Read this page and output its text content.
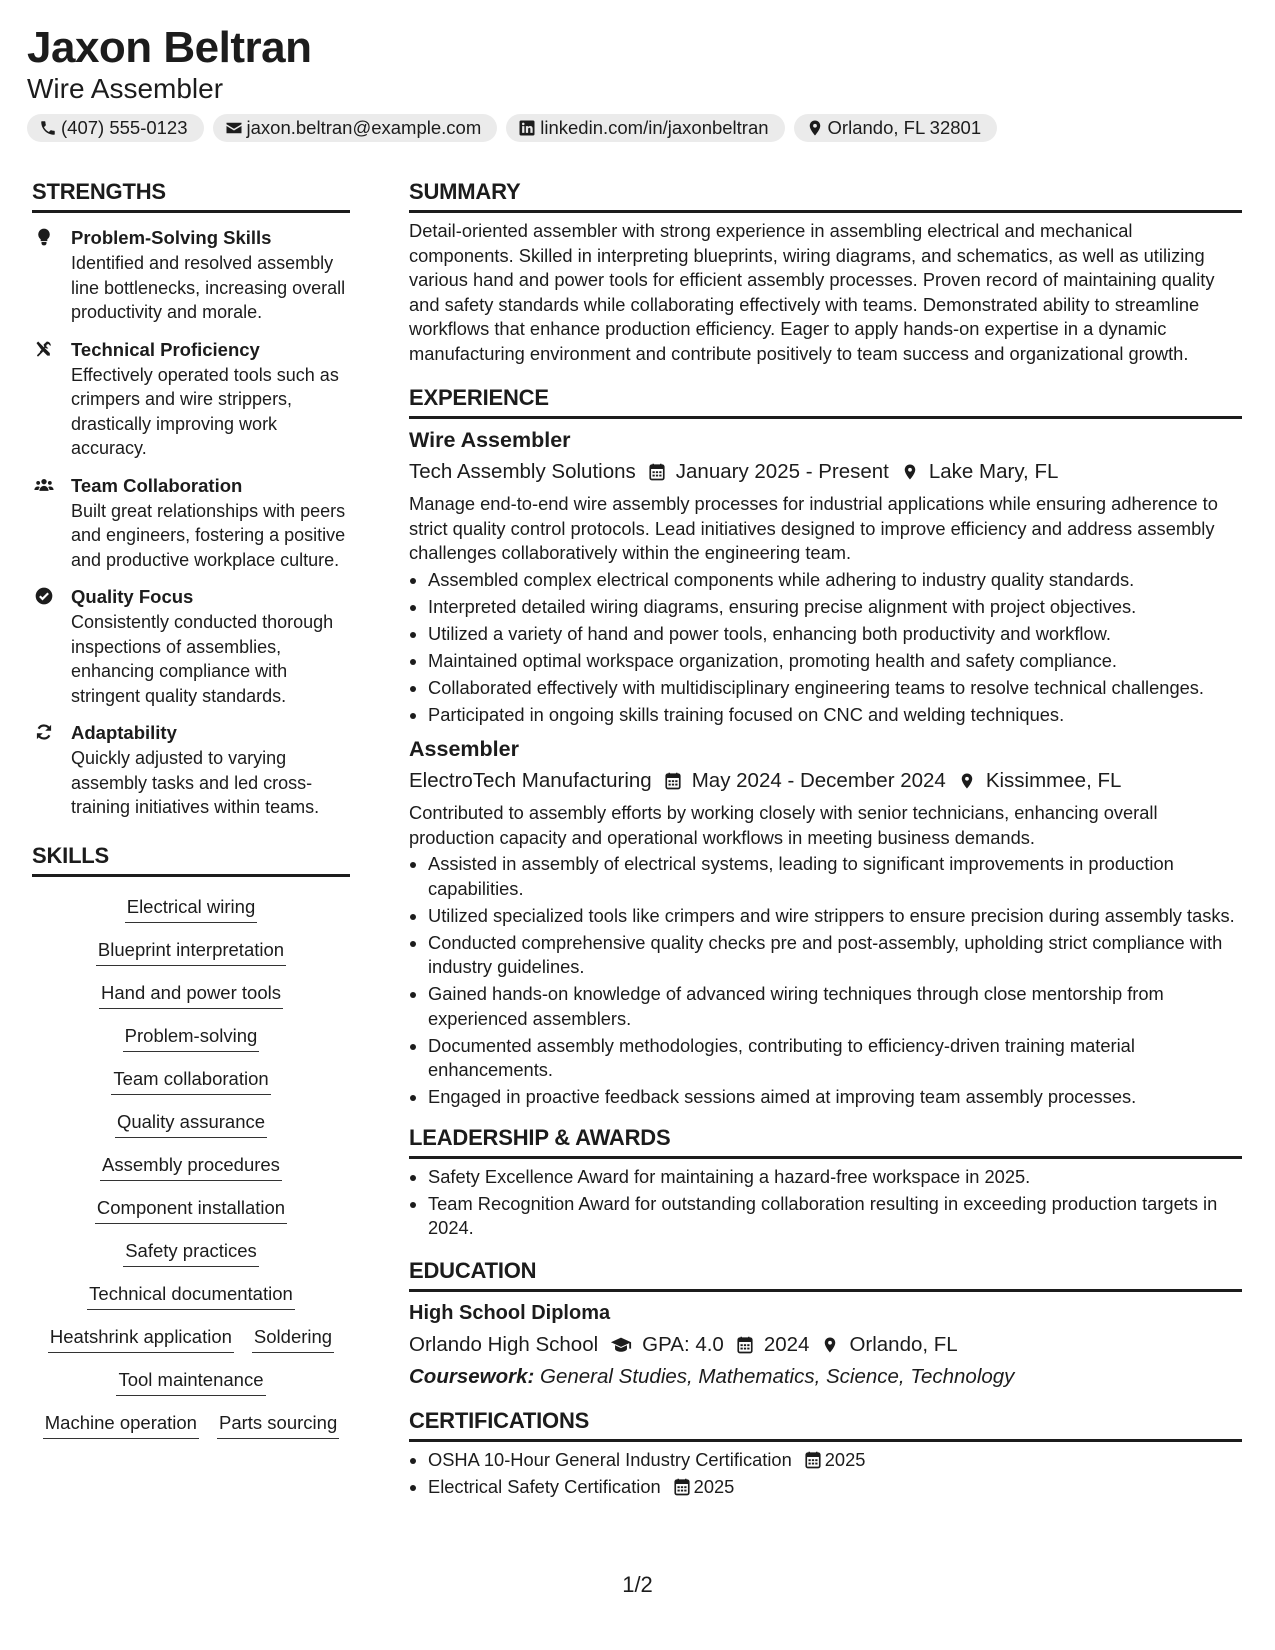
Jaxon Beltran
Wire Assembler
(407) 555-0123	jaxon.beltran@example.com	linkedin.com/in/jaxonbeltran	Orlando, FL 32801
STRENGTHS
Problem-Solving Skills
Identified and resolved assembly line bottlenecks, increasing overall productivity and morale.
Technical Proficiency
Effectively operated tools such as crimpers and wire strippers, drastically improving work accuracy.
Team Collaboration
Built great relationships with peers and engineers, fostering a positive and productive workplace culture.
Quality Focus
Consistently conducted thorough inspections of assemblies, enhancing compliance with stringent quality standards.
Adaptability
Quickly adjusted to varying assembly tasks and led cross-training initiatives within teams.
SKILLS
Electrical wiring
Blueprint interpretation
Hand and power tools
Problem-solving
Team collaboration
Quality assurance
Assembly procedures
Component installation
Safety practices
Technical documentation
Heatshrink application Soldering
Tool maintenance
Machine operation Parts sourcing
SUMMARY
Detail-oriented assembler with strong experience in assembling electrical and mechanical components. Skilled in interpreting blueprints, wiring diagrams, and schematics, as well as utilizing various hand and power tools for efficient assembly processes. Proven record of maintaining quality and safety standards while collaborating effectively with teams. Demonstrated ability to streamline workflows that enhance production efficiency. Eager to apply hands-on expertise in a dynamic manufacturing environment and contribute positively to team success and organizational growth.
EXPERIENCE
Wire Assembler
Tech Assembly Solutions January 2025 - Present Lake Mary, FL
Manage end-to-end wire assembly processes for industrial applications while ensuring adherence to strict quality control protocols. Lead initiatives designed to improve efficiency and address assembly challenges collaboratively within the engineering team.
• Assembled complex electrical components while adhering to industry quality standards.
• Interpreted detailed wiring diagrams, ensuring precise alignment with project objectives.
• Utilized a variety of hand and power tools, enhancing both productivity and workflow.
• Maintained optimal workspace organization, promoting health and safety compliance.
• Collaborated effectively with multidisciplinary engineering teams to resolve technical challenges.
• Participated in ongoing skills training focused on CNC and welding techniques.
Assembler
ElectroTech Manufacturing May 2024 - December 2024 Kissimmee, FL
Contributed to assembly efforts by working closely with senior technicians, enhancing overall production capacity and operational workflows in meeting business demands.
• Assisted in assembly of electrical systems, leading to significant improvements in production capabilities.
• Utilized specialized tools like crimpers and wire strippers to ensure precision during assembly tasks.
• Conducted comprehensive quality checks pre and post-assembly, upholding strict compliance with industry guidelines.
• Gained hands-on knowledge of advanced wiring techniques through close mentorship from experienced assemblers.
• Documented assembly methodologies, contributing to efficiency-driven training material enhancements.
• Engaged in proactive feedback sessions aimed at improving team assembly processes.
LEADERSHIP & AWARDS
• Safety Excellence Award for maintaining a hazard-free workspace in 2025.
• Team Recognition Award for outstanding collaboration resulting in exceeding production targets in 2024.
EDUCATION
High School Diploma
Orlando High School GPA: 4.0 2024 Orlando, FL
Coursework: General Studies, Mathematics, Science, Technology
CERTIFICATIONS
• OSHA 10-Hour General Industry Certification 2025
• Electrical Safety Certification 2025
1/2
